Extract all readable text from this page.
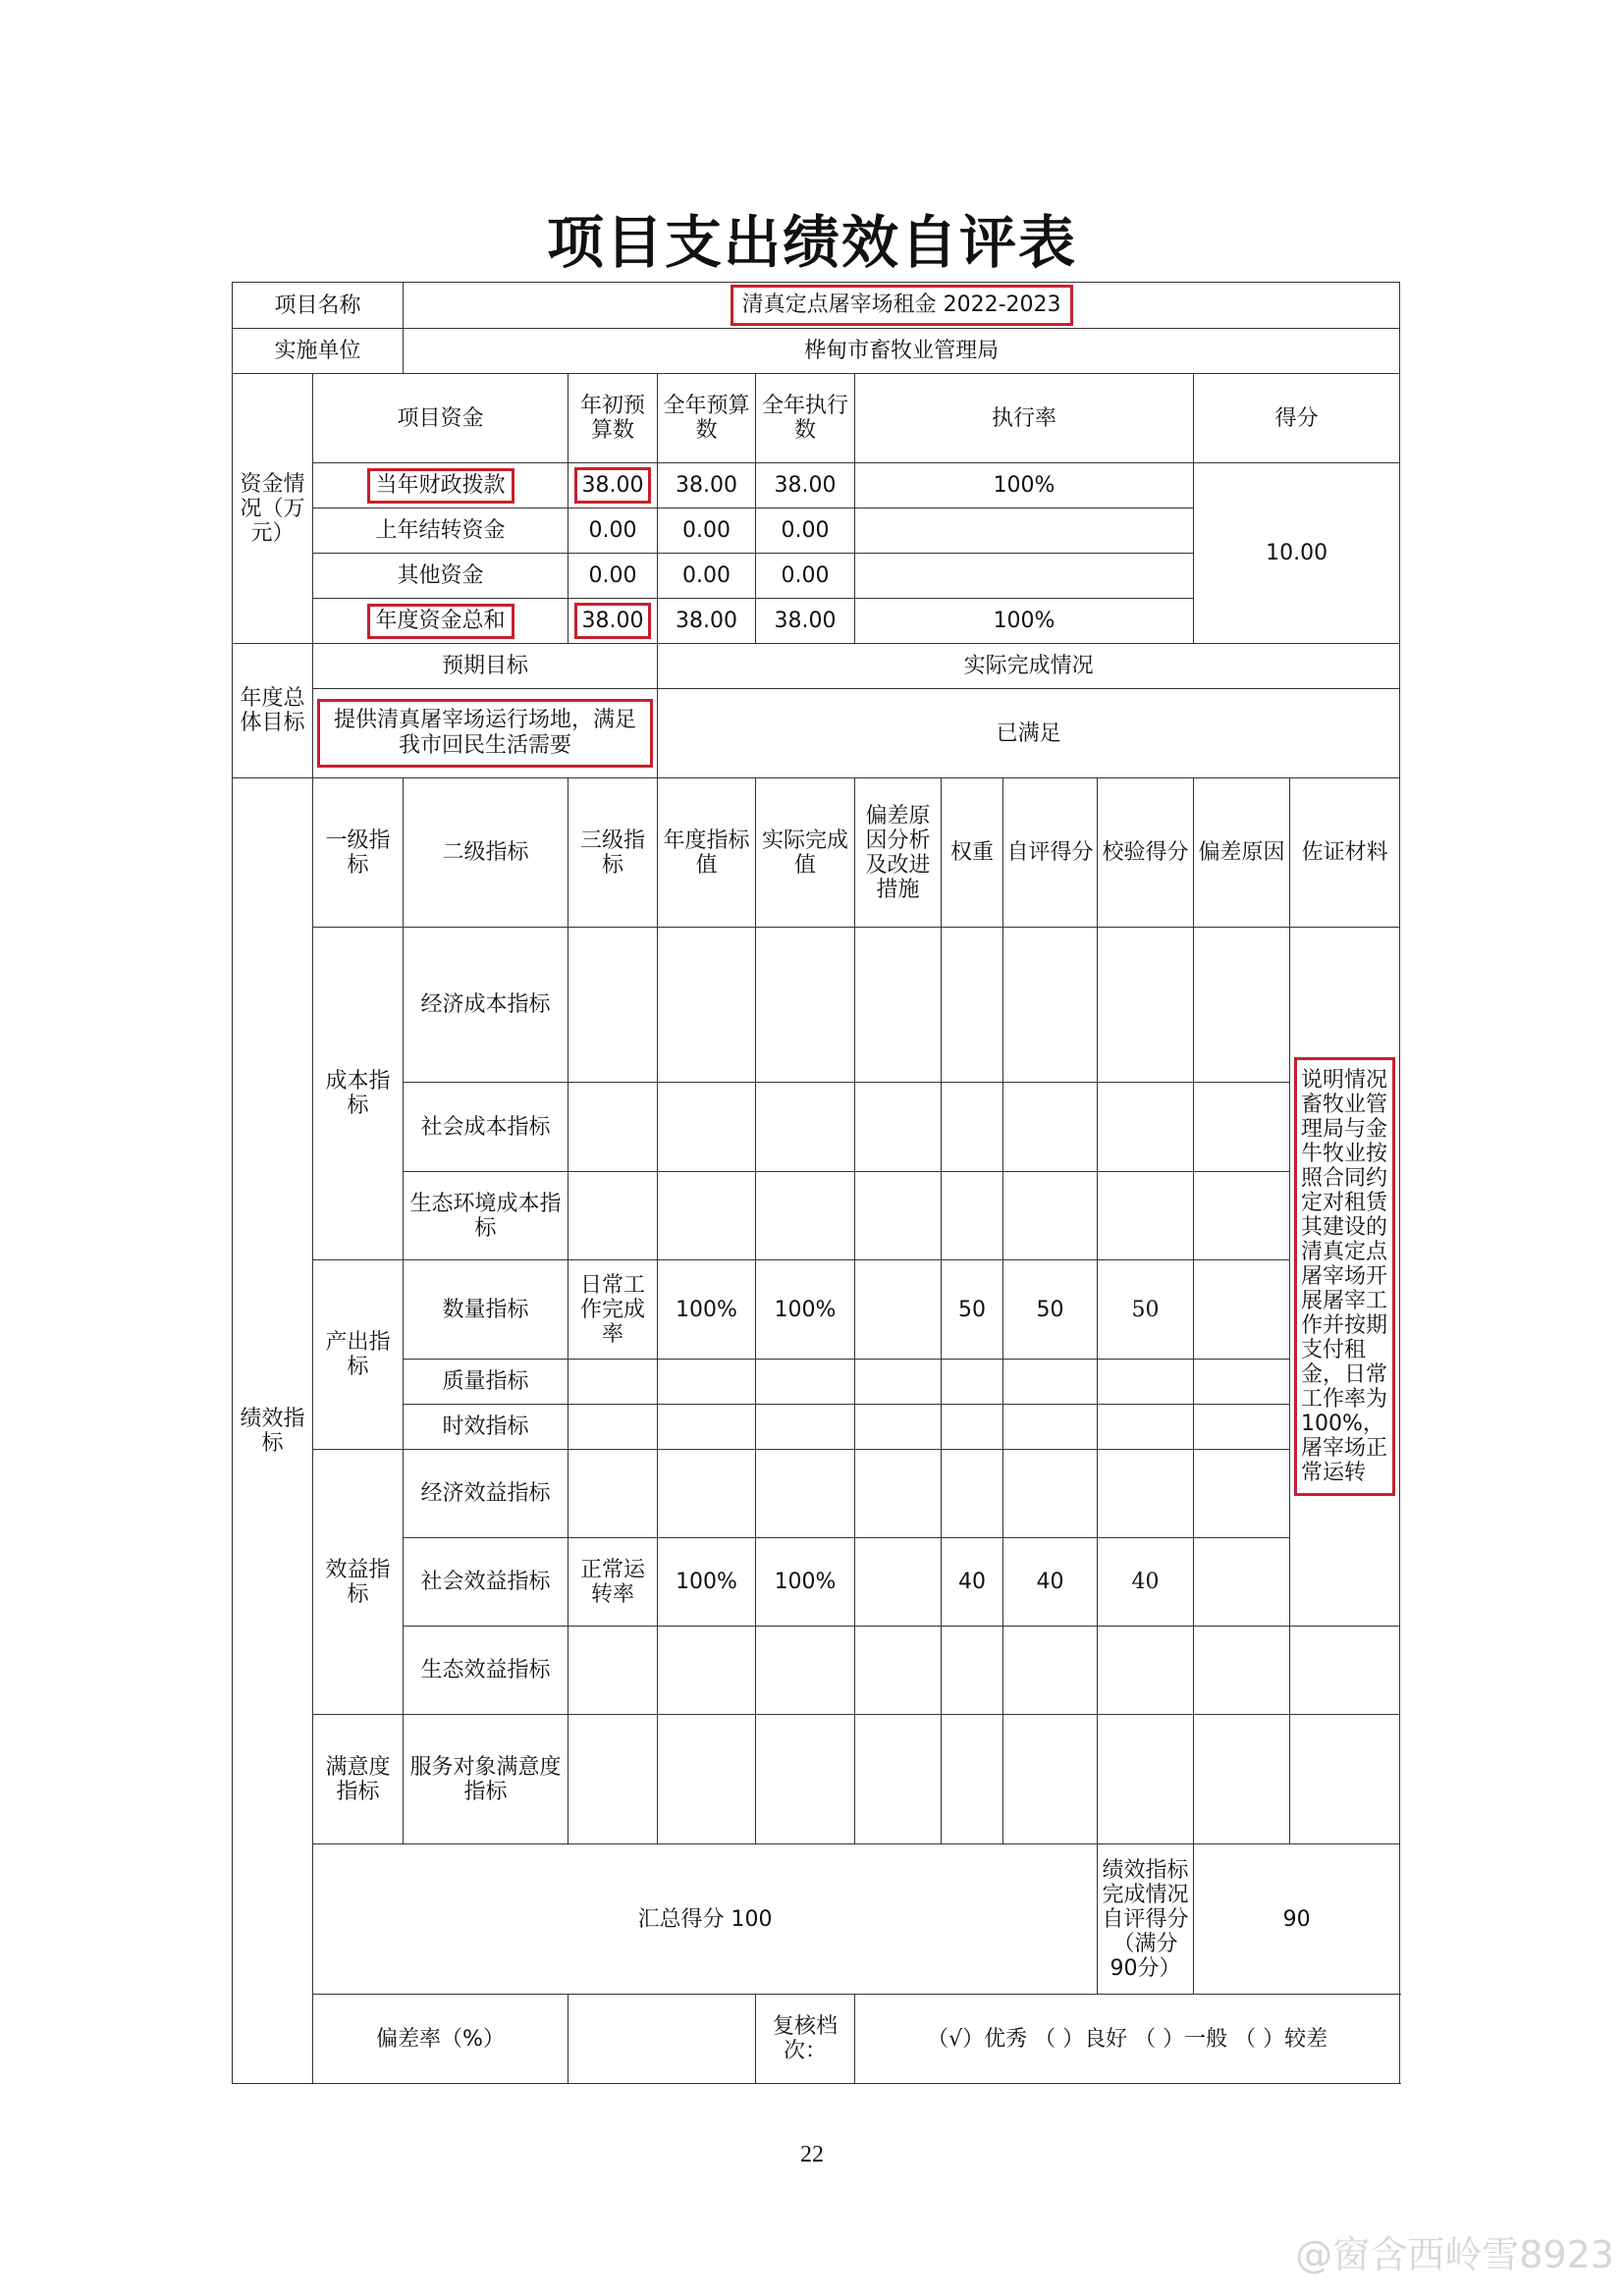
项目支出绩效自评表
项目名称		清真定点屠宰场租金 2022-2023									
实施单位		桦甸市畜牧业管理局									
资金情况（万元）	项目资金		年初预算数	全年预算数	全年执行数	执行率				得分	
	当年财政拨款		38.00	38.00	38.00	100%				10.00	
	上年结转资金		0.00	0.00	0.00						
	其他资金		0.00	0.00	0.00						
	年度资金总和		38.00	38.00	38.00	100%					
年度总体目标	预期目标			实际完成情况							

	提供清真屠宰场运行场地，满足我市回民生活需要			已满足							
绩效指标	一级指标	二级指标	三级指标	年度指标值	实际完成值	偏差原因分析及改进措施	权重	自评得分	校验得分	偏差原因	佐证材料
	成本指标	经济成本指标									说明情况畜牧业管理局与金牛牧业按照合同约定对租赁其建设的清真定点屠宰场开展屠宰工作并按期支付租金，日常工作率为100%，屠宰场正常运转

		社会成本指标									
		生态环境成本指标									
	产出指标	数量指标	日常工作完成率	100%	100%		50	50	50		
		质量指标									
		时效指标									
	效益指标	经济效益指标									
		社会效益指标	正常运转率	100%	100%		40	40	40		
		生态效益指标									
	满意度指标	服务对象满意度指标									
	汇总得分 100								绩效指标完成情况自评得分（满分90分）	90	
	偏差率（%）				复核档次：	（√）优秀 （ ）良好 （ ）一般 （ ）较差					
22
@窗含西岭雪8923
